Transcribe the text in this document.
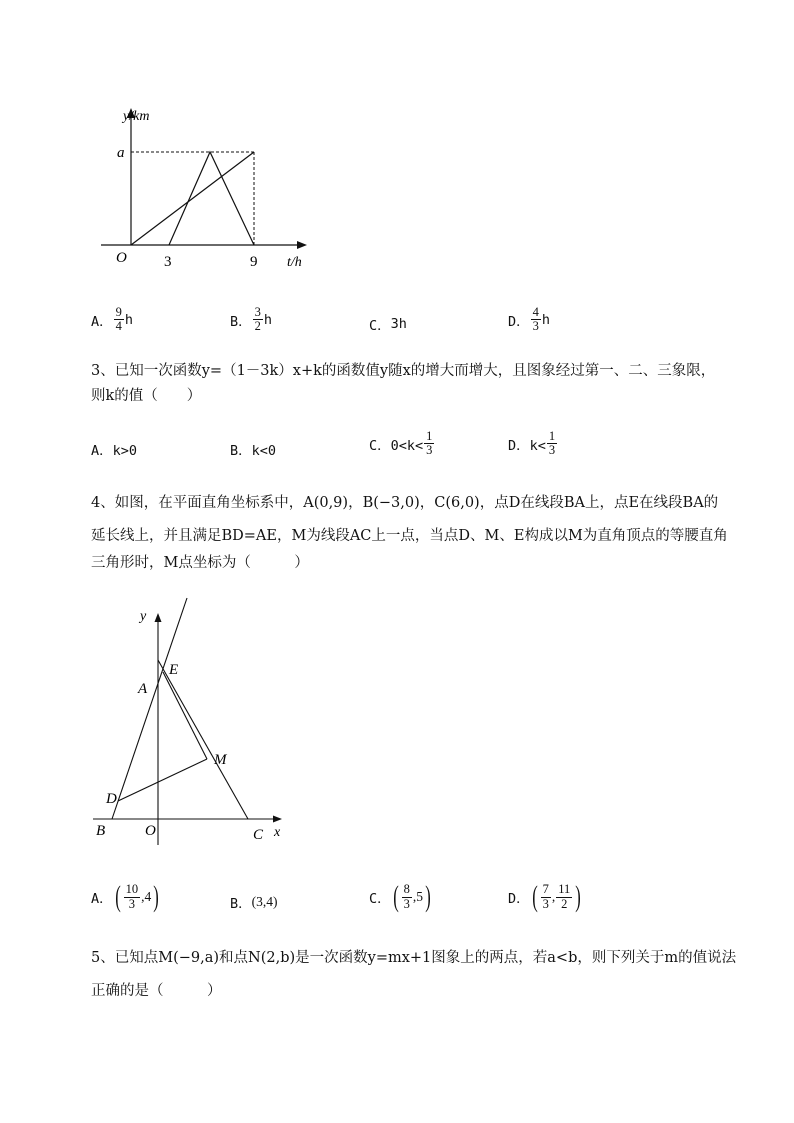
y/km
a
O 3	9 t/h
A． $\frac{9}{4}$ h	B． $\frac{3}{2}$ h	C． 3h	D． $\frac{4}{3}$ h
3、已知一次函数y=（1－3k）x+k的函数值y随x的增大而增大，且图象经过第一、二、三象限，
则k的值（　　）
A．k>0	B．k<0	C．$0<k< \frac{1}{3}$	D．$k< \frac{1}{3}$
4、如图，在平面直角坐标系中，A(0,9)，B(−3,0)，C(6,0)，点D在线段BA上，点E在线段BA的
延长线上，并且满足BD=AE，M为线段AC上一点，当点D、M、E构成以M为直角顶点的等腰直角
三角形时，M点坐标为（　　　）
y
E
A
M
D
B	O	C x
A． ( $\frac{10}{3} ,4$ )	B． (3,4)	C． ( $\frac{8}{3} ,5$ )	D． ( $\frac{7}{3}$ , $\frac{11}{2}$ )
5、已知点M(−9,a)和点N(2,b)是一次函数y=mx+1图象上的两点，若a<b，则下列关于m的值说法
正确的是（　　　）
